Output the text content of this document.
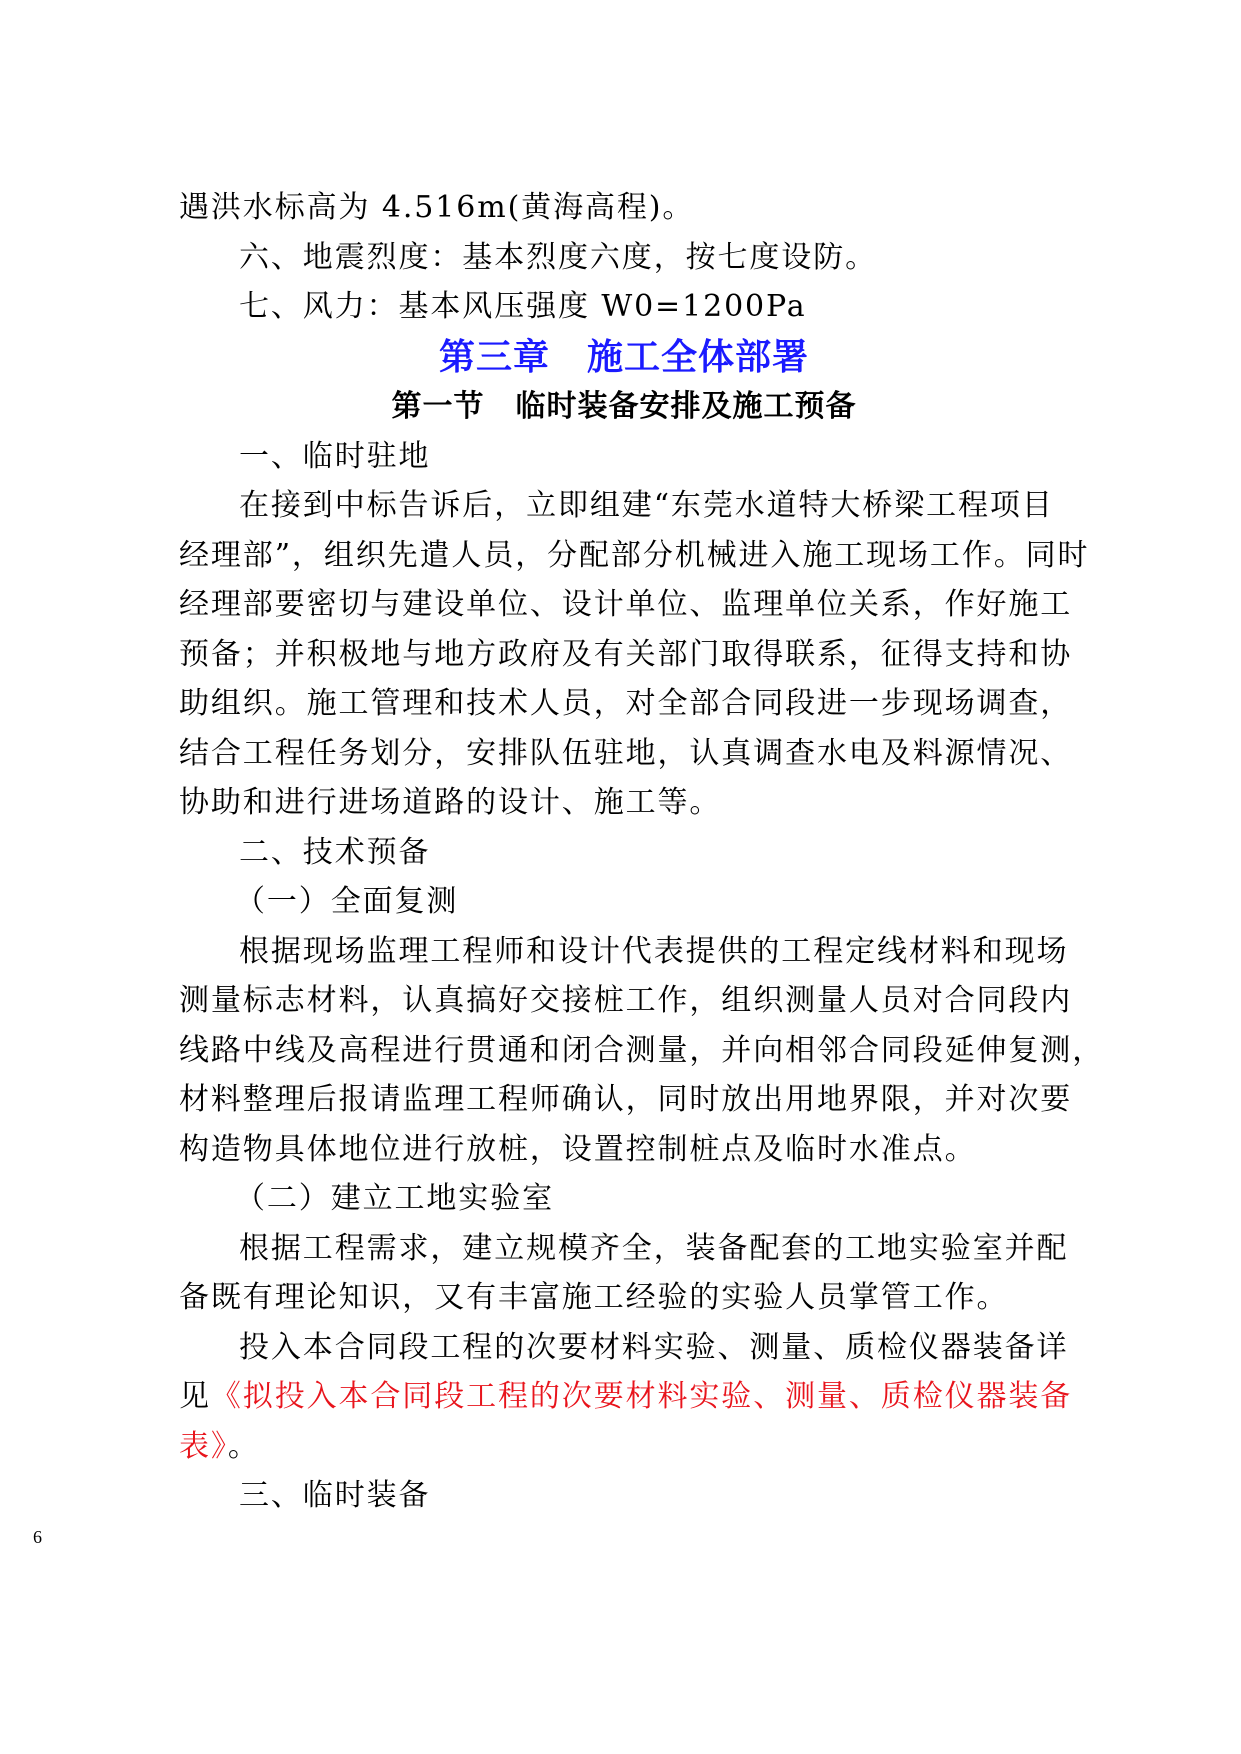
遇洪水标高为 4.516m(黄海高程)。
六、地震烈度：基本烈度六度，按七度设防。
七、风力：基本风压强度 W0=1200Pa
第三章　施工全体部署
第一节　临时装备安排及施工预备
一、临时驻地
在接到中标告诉后，立即组建“东莞水道特大桥梁工程项目
经理部”，组织先遣人员，分配部分机械进入施工现场工作。同时
经理部要密切与建设单位、设计单位、监理单位关系，作好施工
预备；并积极地与地方政府及有关部门取得联系，征得支持和协
助组织。施工管理和技术人员，对全部合同段进一步现场调查，
结合工程任务划分，安排队伍驻地，认真调查水电及料源情况、
协助和进行进场道路的设计、施工等。
二、技术预备
（一）全面复测
根据现场监理工程师和设计代表提供的工程定线材料和现场
测量标志材料，认真搞好交接桩工作，组织测量人员对合同段内
线路中线及高程进行贯通和闭合测量，并向相邻合同段延伸复测，
材料整理后报请监理工程师确认，同时放出用地界限，并对次要
构造物具体地位进行放桩，设置控制桩点及临时水准点。
（二）建立工地实验室
根据工程需求，建立规模齐全，装备配套的工地实验室并配
备既有理论知识，又有丰富施工经验的实验人员掌管工作。
投入本合同段工程的次要材料实验、测量、质检仪器装备详
见《拟投入本合同段工程的次要材料实验、测量、质检仪器装备
表》。
三、临时装备
6
